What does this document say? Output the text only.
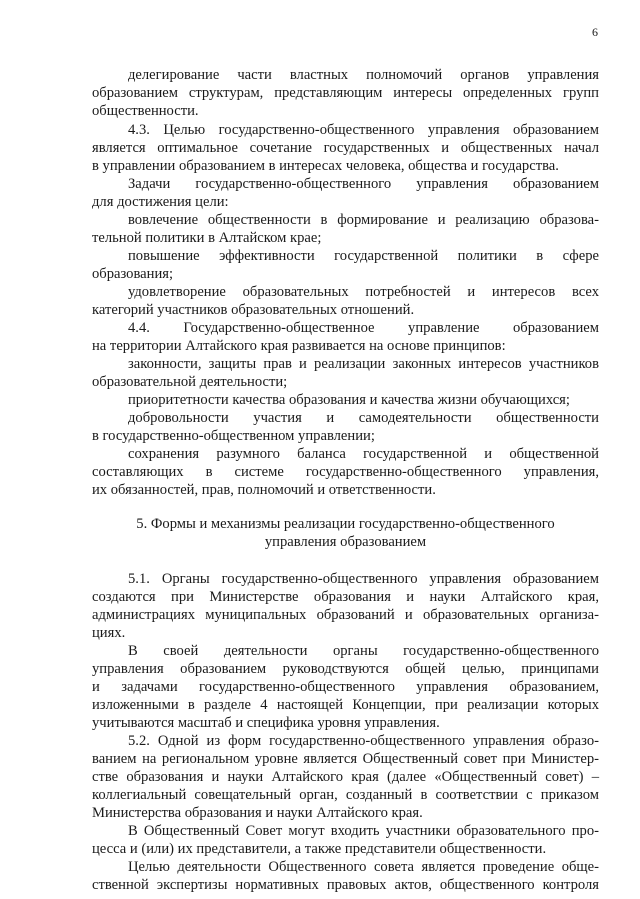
6
делегирование части властных полномочий органов управления
образованием структурам, представляющим интересы определенных групп
общественности.
4.3. Целью государственно-общественного управления образованием
является оптимальное сочетание государственных и общественных начал
в управлении образованием в интересах человека, общества и государства.
Задачи государственно-общественного управления образованием
для достижения цели:
вовлечение общественности в формирование и реализацию образова-
тельной политики в Алтайском крае;
повышение эффективности государственной политики в сфере
образования;
удовлетворение образовательных потребностей и интересов всех
категорий участников образовательных отношений.
4.4. Государственно-общественное управление образованием
на территории Алтайского края развивается на основе принципов:
законности, защиты прав и реализации законных интересов участников
образовательной деятельности;
приоритетности качества образования и качества жизни обучающихся;
добровольности участия и самодеятельности общественности
в государственно-общественном управлении;
сохранения разумного баланса государственной и общественной
составляющих в системе государственно-общественного управления,
их обязанностей, прав, полномочий и ответственности.
5. Формы и механизмы реализации государственно-общественного
управления образованием
5.1. Органы государственно-общественного управления образованием
создаются при Министерстве образования и науки Алтайского края,
администрациях муниципальных образований и образовательных организа-
циях.
В своей деятельности органы государственно-общественного
управления образованием руководствуются общей целью, принципами
и задачами государственно-общественного управления образованием,
изложенными в разделе 4 настоящей Концепции, при реализации которых
учитываются масштаб и специфика уровня управления.
5.2. Одной из форм государственно-общественного управления образо-
ванием на региональном уровне является Общественный совет при Министер-
стве образования и науки Алтайского края (далее «Общественный совет) –
коллегиальный совещательный орган, созданный в соответствии с приказом
Министерства образования и науки Алтайского края.
В Общественный Совет могут входить участники образовательного про-
цесса и (или) их представители, а также представители общественности.
Целью деятельности Общественного совета является проведение обще-
ственной экспертизы нормативных правовых актов, общественного контроля
